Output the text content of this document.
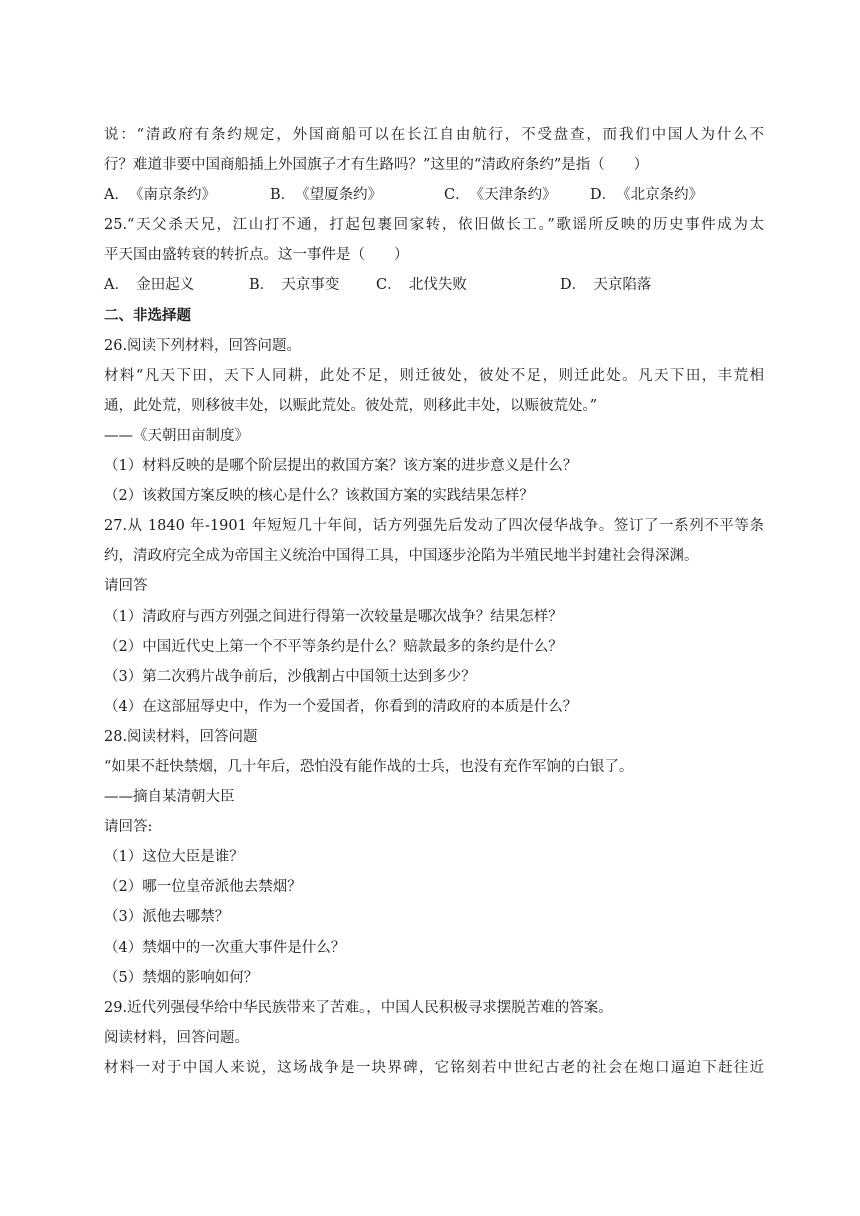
说：“清政府有条约规定，外国商船可以在长江自由航行，不受盘查，而我们中国人为什么不
行？难道非要中国商船插上外国旗子才有生路吗？”这里的“清政府条约”是指（　　）
A．　《南京条约》	B．　《望厦条约》	C．　《天津条约》 D．　《北京条约》
25.“天父杀天兄，江山打不通，打起包裹回家转，依旧做长工。”歌谣所反映的历史事件成为太
平天国由盛转衰的转折点。这一事件是（　　）
A．　金田起义	B．　天京事变	C．　北伐失败	D．　天京陷落
二、非选择题
26.阅读下列材料，回答问题。
材料“凡天下田，天下人同耕，此处不足，则迁彼处，彼处不足，则迁此处。凡天下田，丰荒相
通，此处荒，则移彼丰处，以赈此荒处。彼处荒，则移此丰处，以赈彼荒处。”
——《天朝田亩制度》
（1）材料反映的是哪个阶层提出的救国方案？该方案的进步意义是什么？
（2）该救国方案反映的核心是什么？该救国方案的实践结果怎样？
27.从 1840 年-1901 年短短几十年间，话方列强先后发动了四次侵华战争。签订了一系列不平等条
约，清政府完全成为帝国主义统治中国得工具，中国逐步沦陷为半殖民地半封建社会得深渊。
请回答
（1）清政府与西方列强之间进行得第一次较量是哪次战争？结果怎样？
（2）中国近代史上第一个不平等条约是什么？赔款最多的条约是什么？
（3）第二次鸦片战争前后，沙俄割占中国领土达到多少？
（4）在这部屈辱史中，作为一个爱国者，你看到的清政府的本质是什么？
28.阅读材料，回答问题
“如果不赶快禁烟，几十年后，恐怕没有能作战的士兵，也没有充作军饷的白银了。
——摘自某清朝大臣
请回答:
（1）这位大臣是谁？
（2）哪一位皇帝派他去禁烟？
（3）派他去哪禁？
（4）禁烟中的一次重大事件是什么？
（5）禁烟的影响如何？
29.近代列强侵华给中华民族带来了苦难。，中国人民积极寻求摆脱苦难的答案。
阅读材料，回答问题。
材料一对于中国人来说，这场战争是一块界碑，它铭刻若中世纪古老的社会在炮口逼迫下赶往近
